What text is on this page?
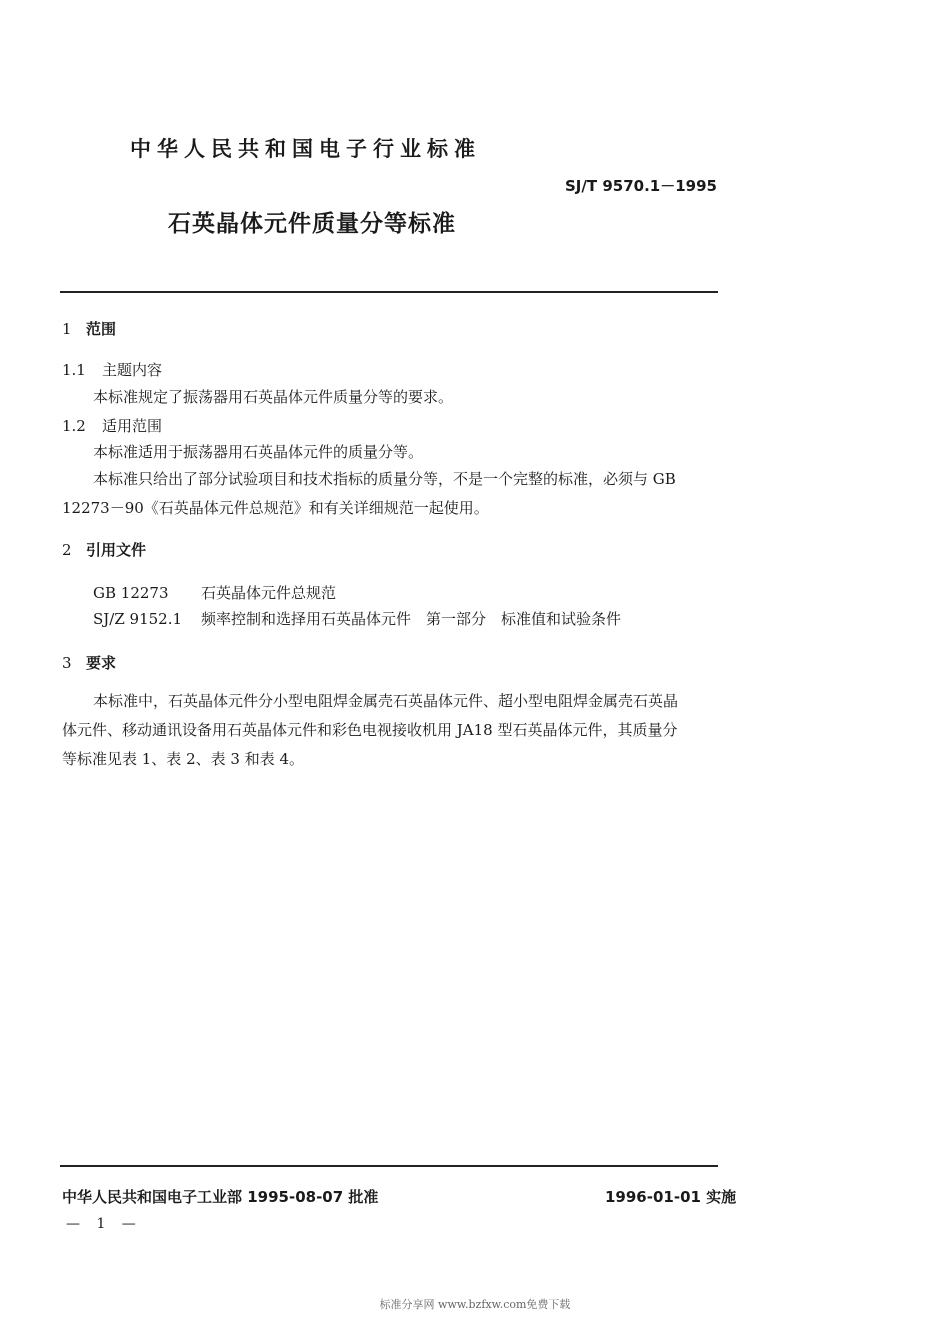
中华人民共和国电子行业标准
SJ/T 9570.1－1995
石英晶体元件质量分等标准
1 范围
1.1 主题内容
本标准规定了振荡器用石英晶体元件质量分等的要求。
1.2 适用范围
本标准适用于振荡器用石英晶体元件的质量分等。
本标准只给出了部分试验项目和技术指标的质量分等，不是一个完整的标准，必须与 GB
12273－90《石英晶体元件总规范》和有关详细规范一起使用。
2 引用文件
GB 12273 石英晶体元件总规范
SJ/Z 9152.1 频率控制和选择用石英晶体元件　第一部分　标准值和试验条件
3 要求
本标准中，石英晶体元件分小型电阻焊金属壳石英晶体元件、超小型电阻焊金属壳石英晶
体元件、移动通讯设备用石英晶体元件和彩色电视接收机用 JA18 型石英晶体元件，其质量分
等标准见表 1、表 2、表 3 和表 4。
中华人民共和国电子工业部 1995-08-07 批准	1996-01-01 实施
— 1 —
标准分享网 www.bzfxw.com免费下载
